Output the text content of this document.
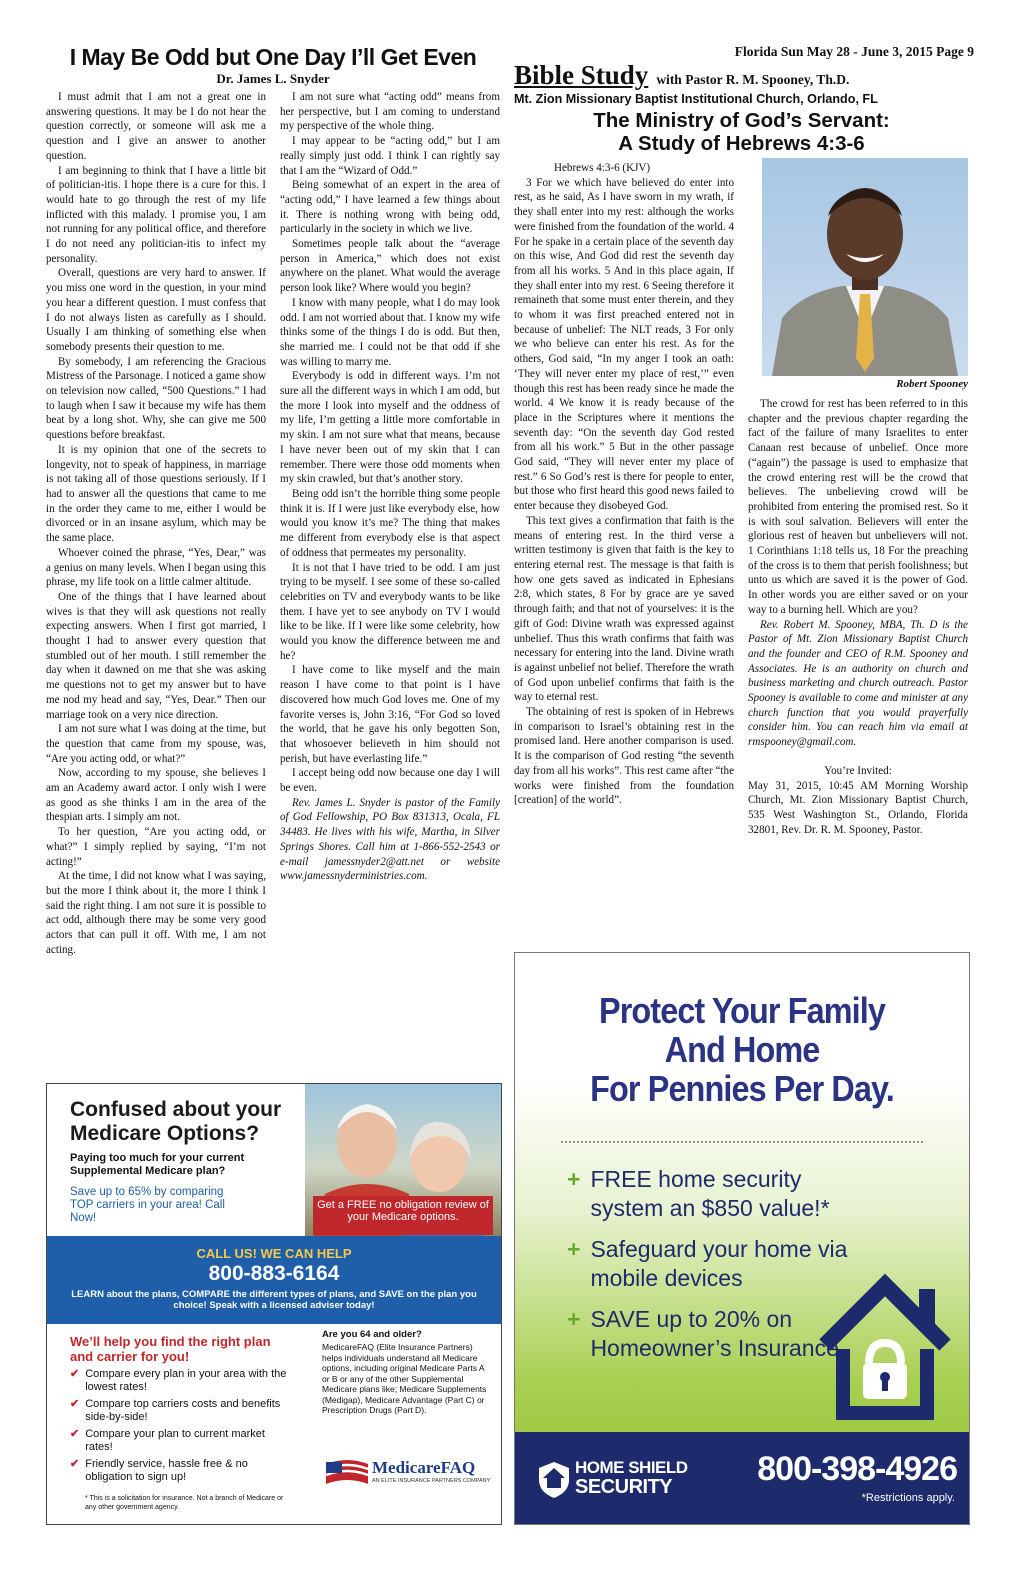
Florida Sun May 28 - June 3, 2015 Page 9
I May Be Odd but One Day I’ll Get Even
Dr. James L. Snyder

I must admit that I am not a great one in answering questions. It may be I do not hear the question correctly, or someone will ask me a question and I give an answer to another question.

I am beginning to think that I have a little bit of politician-itis. I hope there is a cure for this. I would hate to go through the rest of my life inflicted with this malady. I promise you, I am not running for any political office, and therefore I do not need any politician-itis to infect my personality.

Overall, questions are very hard to answer. If you miss one word in the question, in your mind you hear a different question. I must confess that I do not always listen as carefully as I should. Usually I am thinking of something else when somebody presents their question to me.

By somebody, I am referencing the Gracious Mistress of the Parsonage. I noticed a game show on television now called, “500 Questions.” I had to laugh when I saw it because my wife has them beat by a long shot. Why, she can give me 500 questions before breakfast.

It is my opinion that one of the secrets to longevity, not to speak of happiness, in marriage is not taking all of those questions seriously. If I had to answer all the questions that came to me in the order they came to me, either I would be divorced or in an insane asylum, which may be the same place.

Whoever coined the phrase, “Yes, Dear,” was a genius on many levels. When I began using this phrase, my life took on a little calmer altitude.

One of the things that I have learned about wives is that they will ask questions not really expecting answers. When I first got married, I thought I had to answer every question that stumbled out of her mouth. I still remember the day when it dawned on me that she was asking me questions not to get my answer but to have me nod my head and say, “Yes, Dear.” Then our marriage took on a very nice direction.

I am not sure what I was doing at the time, but the question that came from my spouse, was, “Are you acting odd, or what?”

Now, according to my spouse, she believes I am an Academy award actor. I only wish I were as good as she thinks I am in the area of the thespian arts. I simply am not.

To her question, “Are you acting odd, or what?” I simply replied by saying, “I’m not acting!”

At the time, I did not know what I was saying, but the more I think about it, the more I think I said the right thing. I am not sure it is possible to act odd, although there may be some very good actors that can pull it off. With me, I am not acting.

I am not sure what “acting odd” means from her perspective, but I am coming to understand my perspective of the whole thing.

I may appear to be “acting odd,” but I am really simply just odd. I think I can rightly say that I am the “Wizard of Odd.”

Being somewhat of an expert in the area of “acting odd,” I have learned a few things about it. There is nothing wrong with being odd, particularly in the society in which we live.

Sometimes people talk about the “average person in America,” which does not exist anywhere on the planet. What would the average person look like? Where would you begin?

I know with many people, what I do may look odd. I am not worried about that. I know my wife thinks some of the things I do is odd. But then, she married me. I could not be that odd if she was willing to marry me.

Everybody is odd in different ways. I’m not sure all the different ways in which I am odd, but the more I look into myself and the oddness of my life, I’m getting a little more comfortable in my skin. I am not sure what that means, because I have never been out of my skin that I can remember. There were those odd moments when my skin crawled, but that’s another story.

Being odd isn’t the horrible thing some people think it is. If I were just like everybody else, how would you know it’s me? The thing that makes me different from everybody else is that aspect of oddness that permeates my personality.

It is not that I have tried to be odd. I am just trying to be myself. I see some of these so-called celebrities on TV and everybody wants to be like them. I have yet to see anybody on TV I would like to be like. If I were like some celebrity, how would you know the difference between me and he?

I have come to like myself and the main reason I have come to that point is I have discovered how much God loves me. One of my favorite verses is, John 3:16, “For God so loved the world, that he gave his only begotten Son, that whosoever believeth in him should not perish, but have everlasting life.”

I accept being odd now because one day I will be even.

Rev. James L. Snyder is pastor of the Family of God Fellowship, PO Box 831313, Ocala, FL 34483. He lives with his wife, Martha, in Silver Springs Shores. Call him at 1-866-552-2543 or e-mail jamessnyder2@att.net or website www.jamessnyderministries.com.

Bible Study with Pastor R. M. Spooney, Th.D.
Mt. Zion Missionary Baptist Institutional Church, Orlando, FL
The Ministry of God’s Servant:
A Study of Hebrews 4:3-6
Robert Spooney

Hebrews 4:3-6 (KJV)

3 For we which have believed do enter into rest, as he said, As I have sworn in my wrath, if they shall enter into my rest: although the works were finished from the foundation of the world. 4 For he spake in a certain place of the seventh day on this wise, And God did rest the seventh day from all his works. 5 And in this place again, If they shall enter into my rest. 6 Seeing therefore it remaineth that some must enter therein, and they to whom it was first preached entered not in because of unbelief: The NLT reads, 3 For only we who believe can enter his rest. As for the others, God said, “In my anger I took an oath: ‘They will never enter my place of rest,’” even though this rest has been ready since he made the world. 4 We know it is ready because of the place in the Scriptures where it mentions the seventh day: “On the seventh day God rested from all his work.” 5 But in the other passage God said, “They will never enter my place of rest.” 6 So God’s rest is there for people to enter, but those who first heard this good news failed to enter because they disobeyed God.

This text gives a confirmation that faith is the means of entering rest. In the third verse a written testimony is given that faith is the key to entering eternal rest. The message is that faith is how one gets saved as indicated in Ephesians 2:8, which states, 8 For by grace are ye saved through faith; and that not of yourselves: it is the gift of God: Divine wrath was expressed against unbelief. Thus this wrath confirms that faith was necessary for entering into the land. Divine wrath is against unbelief not belief. Therefore the wrath of God upon unbelief confirms that faith is the way to eternal rest.

The obtaining of rest is spoken of in Hebrews in comparison to Israel’s obtaining rest in the promised land. Here another comparison is used. It is the comparison of God resting “the seventh day from all his works”. This rest came after “the works were finished from the foundation [creation] of the world”.

The crowd for rest has been referred to in this chapter and the previous chapter regarding the fact of the failure of many Israelites to enter Canaan rest because of unbelief. Once more (“again”) the passage is used to emphasize that the crowd entering rest will be the crowd that believes. The unbelieving crowd will be prohibited from entering the promised rest. So it is with soul salvation. Believers will enter the glorious rest of heaven but unbelievers will not. 1 Corinthians 1:18 tells us, 18 For the preaching of the cross is to them that perish foolishness; but unto us which are saved it is the power of God. In other words you are either saved or on your way to a burning hell. Which are you?

Rev. Robert M. Spooney, MBA, Th. D is the Pastor of Mt. Zion Missionary Baptist Church and the founder and CEO of R.M. Spooney and Associates. He is an authority on church and business marketing and church outreach. Pastor Spooney is available to come and minister at any church function that you would prayerfully consider him. You can reach him via email at rmspooney@gmail.com.

You’re Invited:

May 31, 2015, 10:45 AM Morning Worship Church, Mt. Zion Missionary Baptist Church, 535 West Washington St., Orlando, Florida 32801, Rev. Dr. R. M. Spooney, Pastor.

Get a FREE no obligation review of your Medicare options.
Confused about your
Medicare Options?
Paying too much for your current Supplemental Medicare plan?
Save up to 65% by comparing TOP carriers in your area! Call Now!
CALL US! WE CAN HELP
800-883-6164
LEARN about the plans, COMPARE the different types of plans, and SAVE on the plan you choice! Speak with a licensed adviser today!
We’ll help you find the right plan and carrier for you!
✔ Compare every plan in your area with the lowest rates!
✔ Compare top carriers costs and benefits side-by-side!
✔ Compare your plan to current market rates!
✔ Friendly service, hassle free & no obligation to sign up!
Are you 64 and older?
MedicareFAQ (Elite Insurance Partners) helps individuals understand all Medicare options, including original Medicare Parts A or B or any of the other Supplemental Medicare plans like; Medicare Supplements (Medigap), Medicare Advantage (Part C) or Prescription Drugs (Part D).
MedicareFAQ
AN ELITE INSURANCE PARTNERS COMPANY
* This is a solicitation for insurance. Not a branch of Medicare or any other government agency.
Protect Your Family
And Home
For Pennies Per Day.
+ FREE home security system an $850 value!*
+ Safeguard your home via mobile devices
+ SAVE up to 20% on Homeowner’s Insurance
HOME SHIELD
SECURITY	800-398-4926
*Restrictions apply.
